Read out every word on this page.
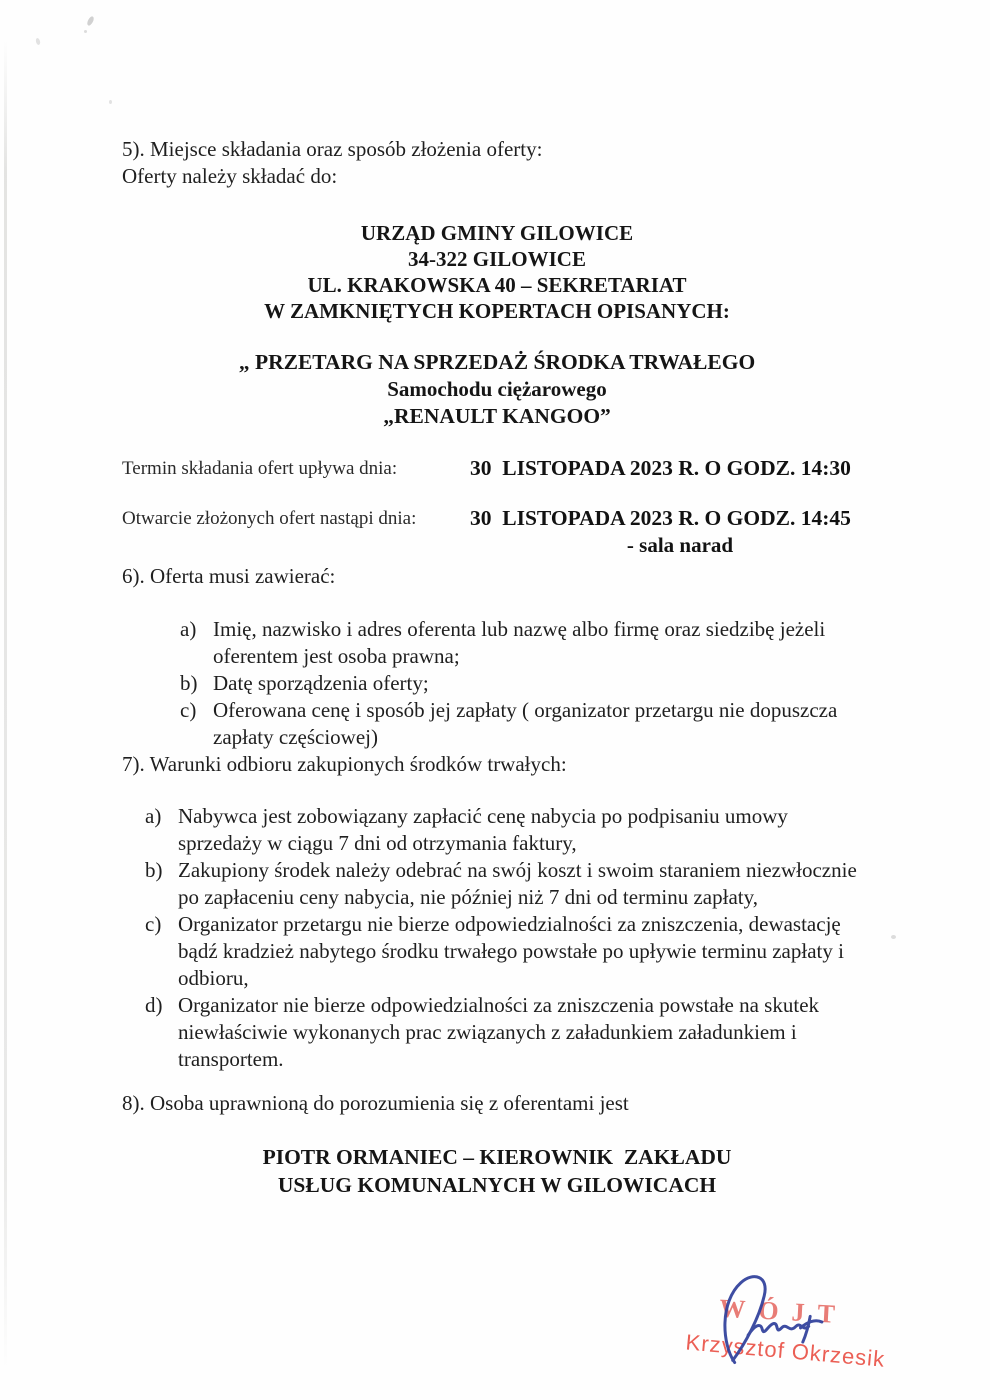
5). Miejsce składania oraz sposób złożenia oferty:
Oferty należy składać do:
URZĄD GMINY GILOWICE
34-322 GILOWICE
UL. KRAKOWSKA 40 – SEKRETARIAT
W ZAMKNIĘTYCH KOPERTACH OPISANYCH:
„ PRZETARG NA SPRZEDAŻ ŚRODKA TRWAŁEGO
Samochodu ciężarowego
„RENAULT KANGOO”
Termin składania ofert upływa dnia:	30  LISTOPADA 2023 R. O GODZ. 14:30
Otwarcie złożonych ofert nastąpi dnia:	30  LISTOPADA 2023 R. O GODZ. 14:45
- sala narad
6). Oferta musi zawierać:
a) Imię, nazwisko i adres oferenta lub nazwę albo firmę oraz siedzibę jeżeli oferentem jest osoba prawna;
b) Datę sporządzenia oferty;
c) Oferowana cenę i sposób jej zapłaty ( organizator przetargu nie dopuszcza zapłaty częściowej)
7). Warunki odbioru zakupionych środków trwałych:
a) Nabywca jest zobowiązany zapłacić cenę nabycia po podpisaniu umowy sprzedaży w ciągu 7 dni od otrzymania faktury,
b) Zakupiony środek należy odebrać na swój koszt i swoim staraniem niezwłocznie po zapłaceniu ceny nabycia, nie później niż 7 dni od terminu zapłaty,
c) Organizator przetargu nie bierze odpowiedzialności za zniszczenia, dewastację bądź kradzież nabytego środku trwałego powstałe po upływie terminu zapłaty i odbioru,
d) Organizator nie bierze odpowiedzialności za zniszczenia powstałe na skutek niewłaściwie wykonanych prac związanych z załadunkiem załadunkiem i transportem.
8). Osoba uprawnioną do porozumienia się z oferentami jest
PIOTR ORMANIEC – KIEROWNIK  ZAKŁADU
USŁUG KOMUNALNYCH W GILOWICACH
WÓJT
Krzysztof Okrzesik
